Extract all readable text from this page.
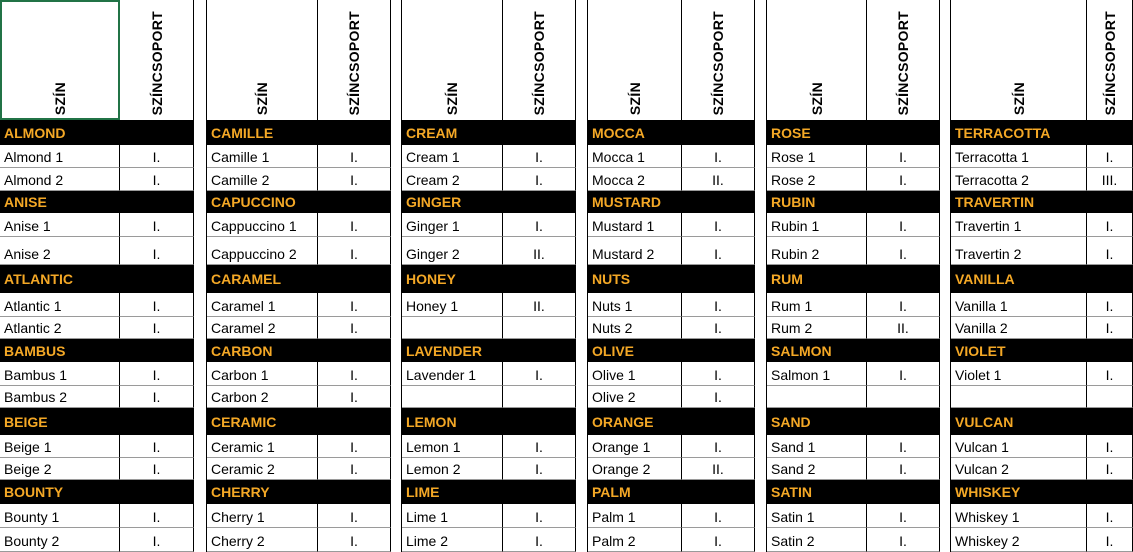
SZÍN	SZÍNCSOPORT
ALMOND
Almond 1	I.
Almond 2	I.
ANISE
Anise 1	I.
Anise 2	I.
ATLANTIC
Atlantic 1	I.
Atlantic 2	I.
BAMBUS
Bambus 1	I.
Bambus 2	I.
BEIGE
Beige 1	I.
Beige 2	I.
BOUNTY
Bounty 1	I.
Bounty 2	I.
SZÍN	SZÍNCSOPORT
CAMILLE
Camille 1	I.
Camille 2	I.
CAPUCCINO
Cappuccino 1	I.
Cappuccino 2	I.
CARAMEL
Caramel 1	I.
Caramel 2	I.
CARBON
Carbon 1	I.
Carbon 2	I.
CERAMIC
Ceramic 1	I.
Ceramic 2	I.
CHERRY
Cherry 1	I.
Cherry 2	I.
SZÍN	SZÍNCSOPORT
CREAM
Cream 1	I.
Cream 2	I.
GINGER
Ginger 1	I.
Ginger 2	II.
HONEY
Honey 1	II.
LAVENDER
Lavender 1	I.
LEMON
Lemon 1	I.
Lemon 2	I.
LIME
Lime 1	I.
Lime 2	I.
SZÍN	SZÍNCSOPORT
MOCCA
Mocca 1	I.
Mocca 2	II.
MUSTARD
Mustard 1	I.
Mustard 2	I.
NUTS
Nuts 1	I.
Nuts 2	I.
OLIVE
Olive 1	I.
Olive 2	I.
ORANGE
Orange 1	I.
Orange 2	II.
PALM
Palm 1	I.
Palm 2	I.
SZÍN	SZÍNCSOPORT
ROSE
Rose 1	I.
Rose 2	I.
RUBIN
Rubin 1	I.
Rubin 2	I.
RUM
Rum 1	I.
Rum 2	II.
SALMON
Salmon 1	I.
SAND
Sand 1	I.
Sand 2	I.
SATIN
Satin 1	I.
Satin 2	I.
SZÍN	SZÍNCSOPORT
TERRACOTTA
Terracotta 1	I.
Terracotta 2	III.
TRAVERTIN
Travertin 1	I.
Travertin 2	I.
VANILLA
Vanilla 1	I.
Vanilla 2	I.
VIOLET
Violet 1	I.
VULCAN
Vulcan 1	I.
Vulcan 2	I.
WHISKEY
Whiskey 1	I.
Whiskey 2	I.
